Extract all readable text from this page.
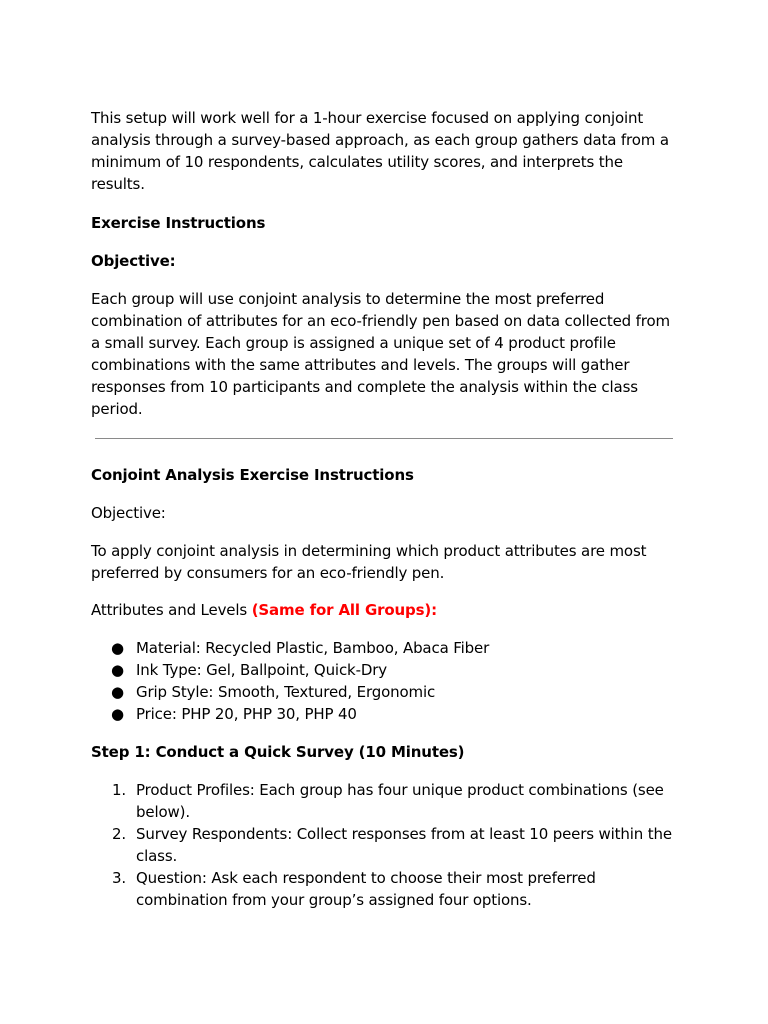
This setup will work well for a 1-hour exercise focused on applying conjoint analysis through a survey-based approach, as each group gathers data from a minimum of 10 respondents, calculates utility scores, and interprets the results.

Exercise Instructions

Objective:

Each group will use conjoint analysis to determine the most preferred combination of attributes for an eco-friendly pen based on data collected from a small survey. Each group is assigned a unique set of 4 product profile combinations with the same attributes and levels. The groups will gather responses from 10 participants and complete the analysis within the class period.

Conjoint Analysis Exercise Instructions

Objective:

To apply conjoint analysis in determining which product attributes are most preferred by consumers for an eco-friendly pen.

Attributes and Levels (Same for All Groups):

● Material: Recycled Plastic, Bamboo, Abaca Fiber
● Ink Type: Gel, Ballpoint, Quick-Dry
● Grip Style: Smooth, Textured, Ergonomic
● Price: PHP 20, PHP 30, PHP 40

Step 1: Conduct a Quick Survey (10 Minutes)

1. Product Profiles: Each group has four unique product combinations (see below).
2. Survey Respondents: Collect responses from at least 10 peers within the class.
3. Question: Ask each respondent to choose their most preferred combination from your group’s assigned four options.
